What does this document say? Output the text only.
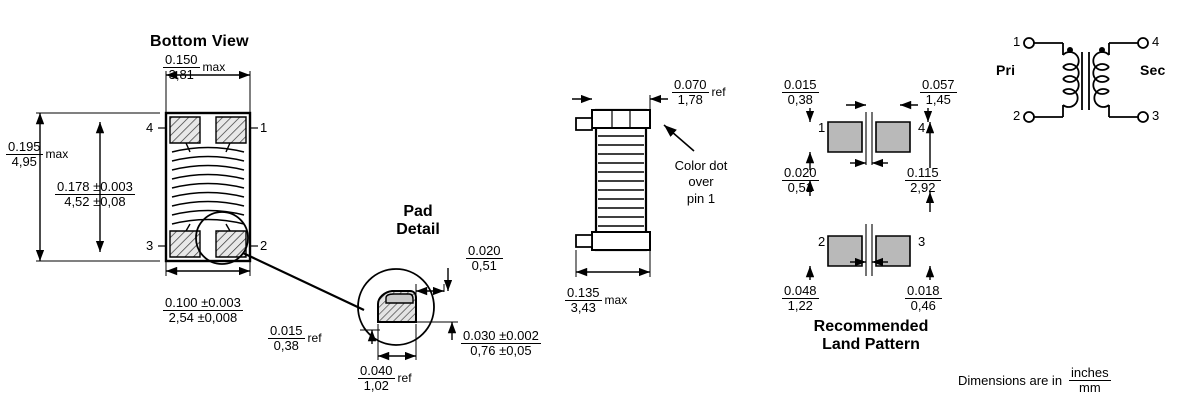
Bottom View
$\frac{0.150}{3,81}$ max
$\frac{0.195}{4,95}$ max
$\frac{0.178 \pm 0.003}{4,52 \pm 0,08}$
$\frac{0.100 \pm 0.003}{2,54 \pm 0,008}$
1
2
3
4
Pad
Detail
$\frac{0.020}{0,51}$
$\frac{0.015}{0,38}$ ref	$\frac{0.030 \pm 0.002}{0,76 \pm 0,05}$
$\frac{0.040}{1,02}$ ref
$\frac{0.070}{1,78}$ ref
$\frac{0.135}{3,43}$ max
Color dot
over
pin 1
$\frac{0.015}{0,38}$	$\frac{0.057}{1,45}$
$\frac{0.020}{0,51}$	$\frac{0.115}{2,92}$
$\frac{0.048}{1,22}$	$\frac{0.018}{0,46}$
1	4
2	3
Recommended
Land Pattern
1
2
4
3
Pri	Sec
Dimensions are in $\frac{\text{inches}}{mm}$
